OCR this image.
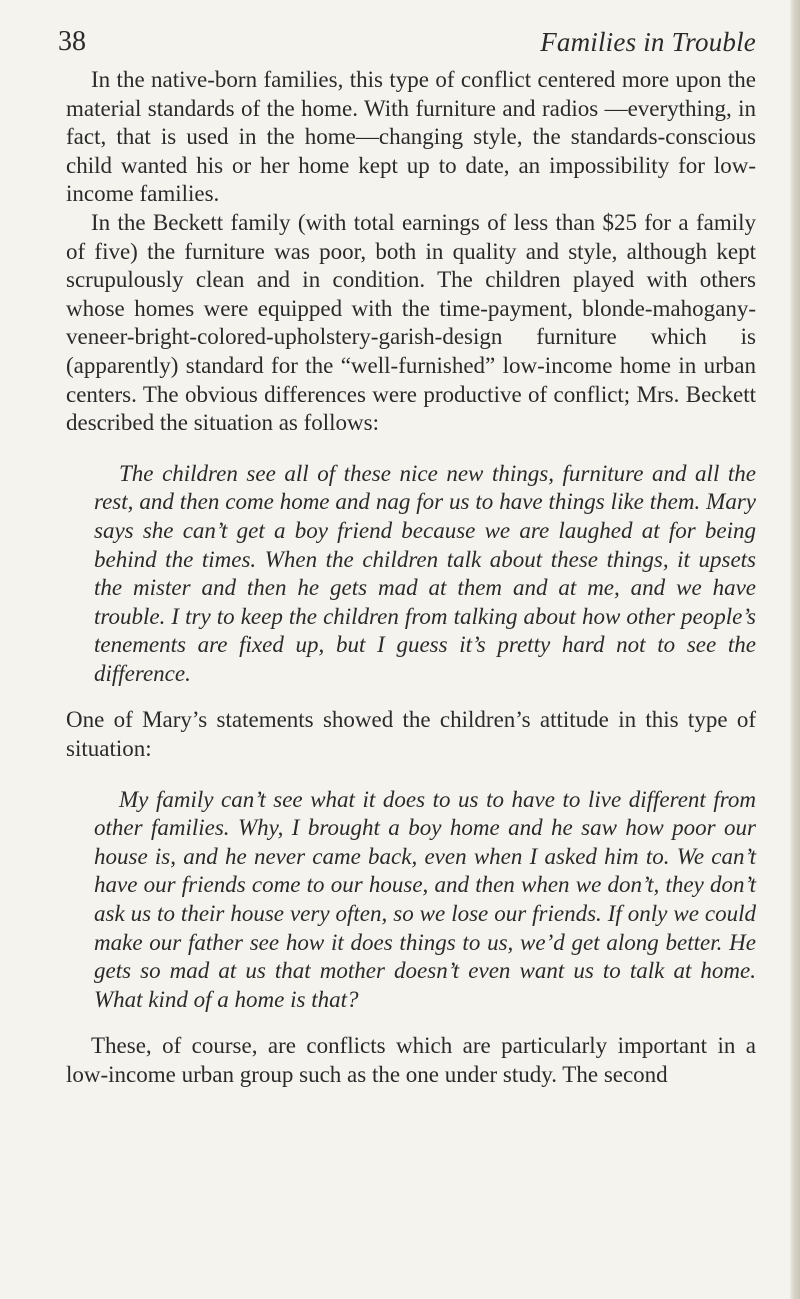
38	Families in Trouble

In the native-born families, this type of conflict centered more upon the material standards of the home. With furniture and radios —everything, in fact, that is used in the home—changing style, the standards-conscious child wanted his or her home kept up to date, an impossibility for low-income families.

In the Beckett family (with total earnings of less than $25 for a family of five) the furniture was poor, both in quality and style, although kept scrupulously clean and in condition. The children played with others whose homes were equipped with the time-payment, blonde-mahogany-veneer-bright-colored-upholstery-garish-design furniture which is (apparently) standard for the “well-furnished” low-income home in urban centers. The obvious differences were productive of conflict; Mrs. Beckett described the situation as follows:

The children see all of these nice new things, furniture and all the rest, and then come home and nag for us to have things like them. Mary says she can’t get a boy friend because we are laughed at for being behind the times. When the children talk about these things, it upsets the mister and then he gets mad at them and at me, and we have trouble. I try to keep the children from talking about how other people’s tenements are fixed up, but I guess it’s pretty hard not to see the difference.

One of Mary’s statements showed the children’s attitude in this type of situation:

My family can’t see what it does to us to have to live different from other families. Why, I brought a boy home and he saw how poor our house is, and he never came back, even when I asked him to. We can’t have our friends come to our house, and then when we don’t, they don’t ask us to their house very often, so we lose our friends. If only we could make our father see how it does things to us, we’d get along better. He gets so mad at us that mother doesn’t even want us to talk at home. What kind of a home is that?

These, of course, are conflicts which are particularly important in a low-income urban group such as the one under study. The second
